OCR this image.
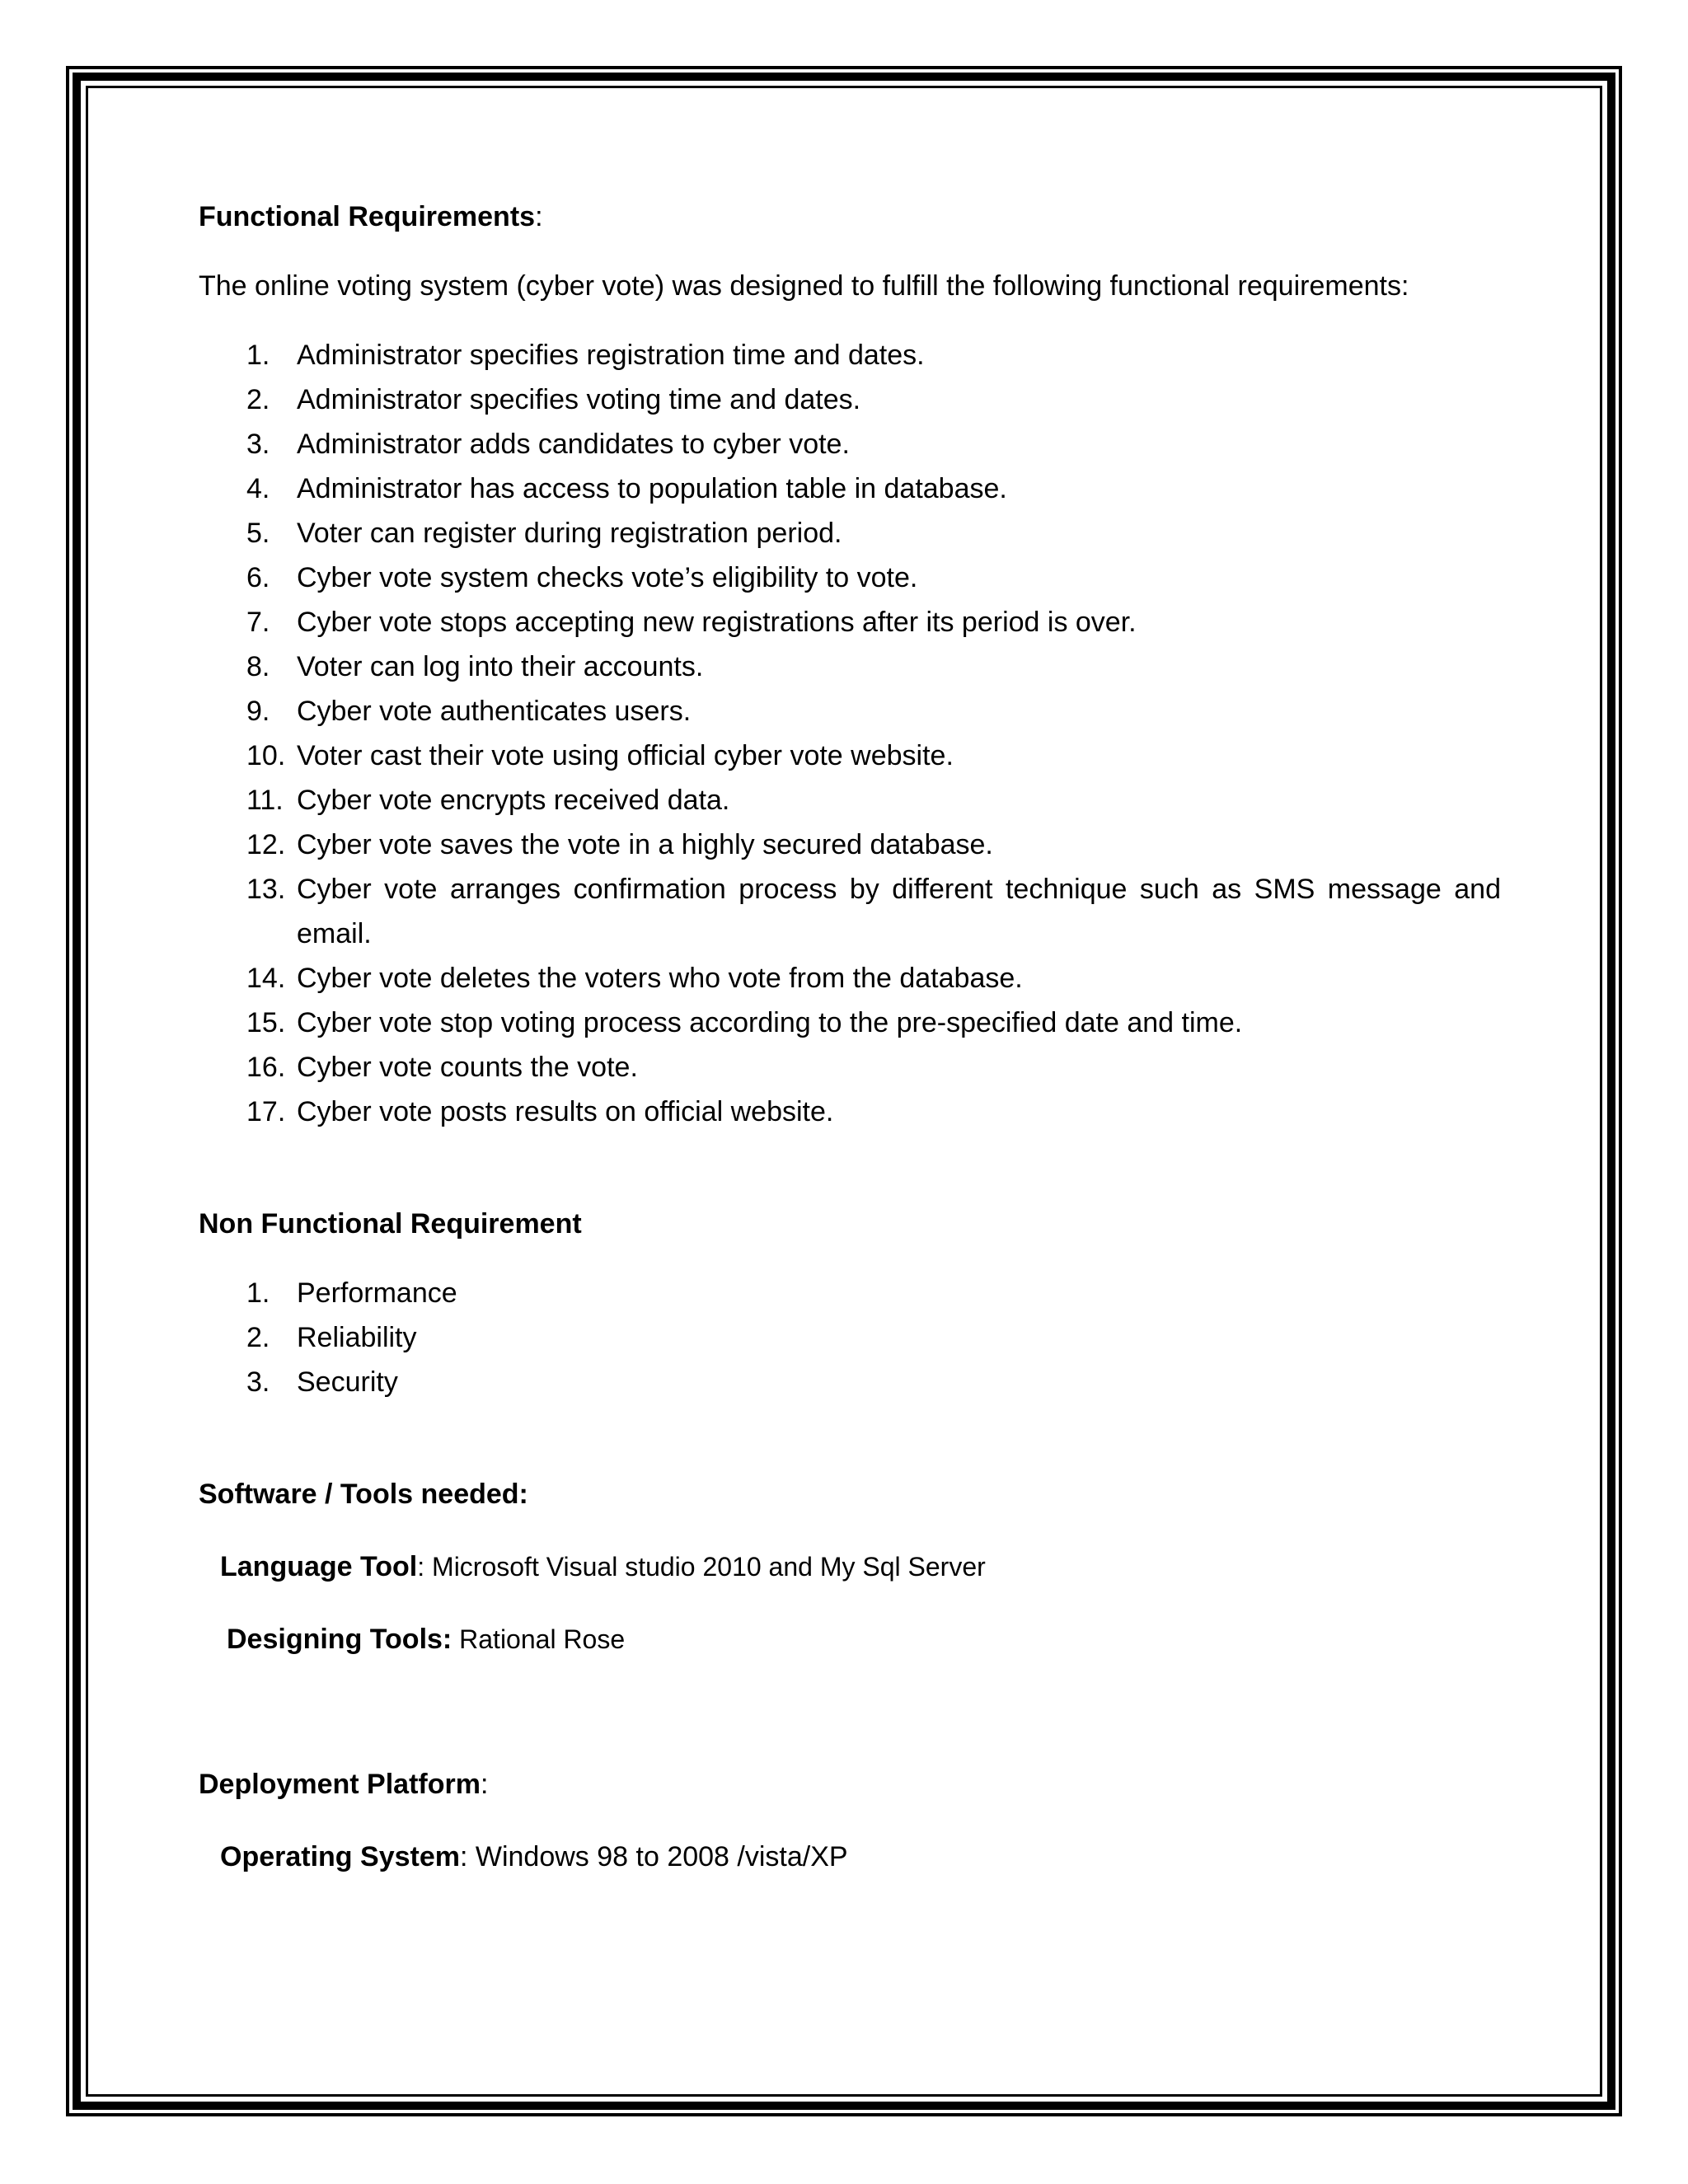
Functional Requirements:

The online voting system (cyber vote) was designed to fulfill the following functional requirements:

1. Administrator specifies registration time and dates.
2. Administrator specifies voting time and dates.
3. Administrator adds candidates to cyber vote.
4. Administrator has access to population table in database.
5. Voter can register during registration period.
6. Cyber vote system checks vote’s eligibility to vote.
7. Cyber vote stops accepting new registrations after its period is over.
8. Voter can log into their accounts.
9. Cyber vote authenticates users.
10. Voter cast their vote using official cyber vote website.
11. Cyber vote encrypts received data.
12. Cyber vote saves the vote in a highly secured database.
13. Cyber vote arranges confirmation process by different technique such as SMS message and email.
14. Cyber vote deletes the voters who vote from the database.
15. Cyber vote stop voting process according to the pre-specified date and time.
16. Cyber vote counts the vote.
17. Cyber vote posts results on official website.

Non Functional Requirement

1. Performance
2. Reliability
3. Security

Software / Tools needed:

Language Tool: Microsoft Visual studio 2010 and My Sql Server

Designing Tools: Rational Rose

Deployment Platform:

Operating System: Windows 98 to 2008 /vista/XP
